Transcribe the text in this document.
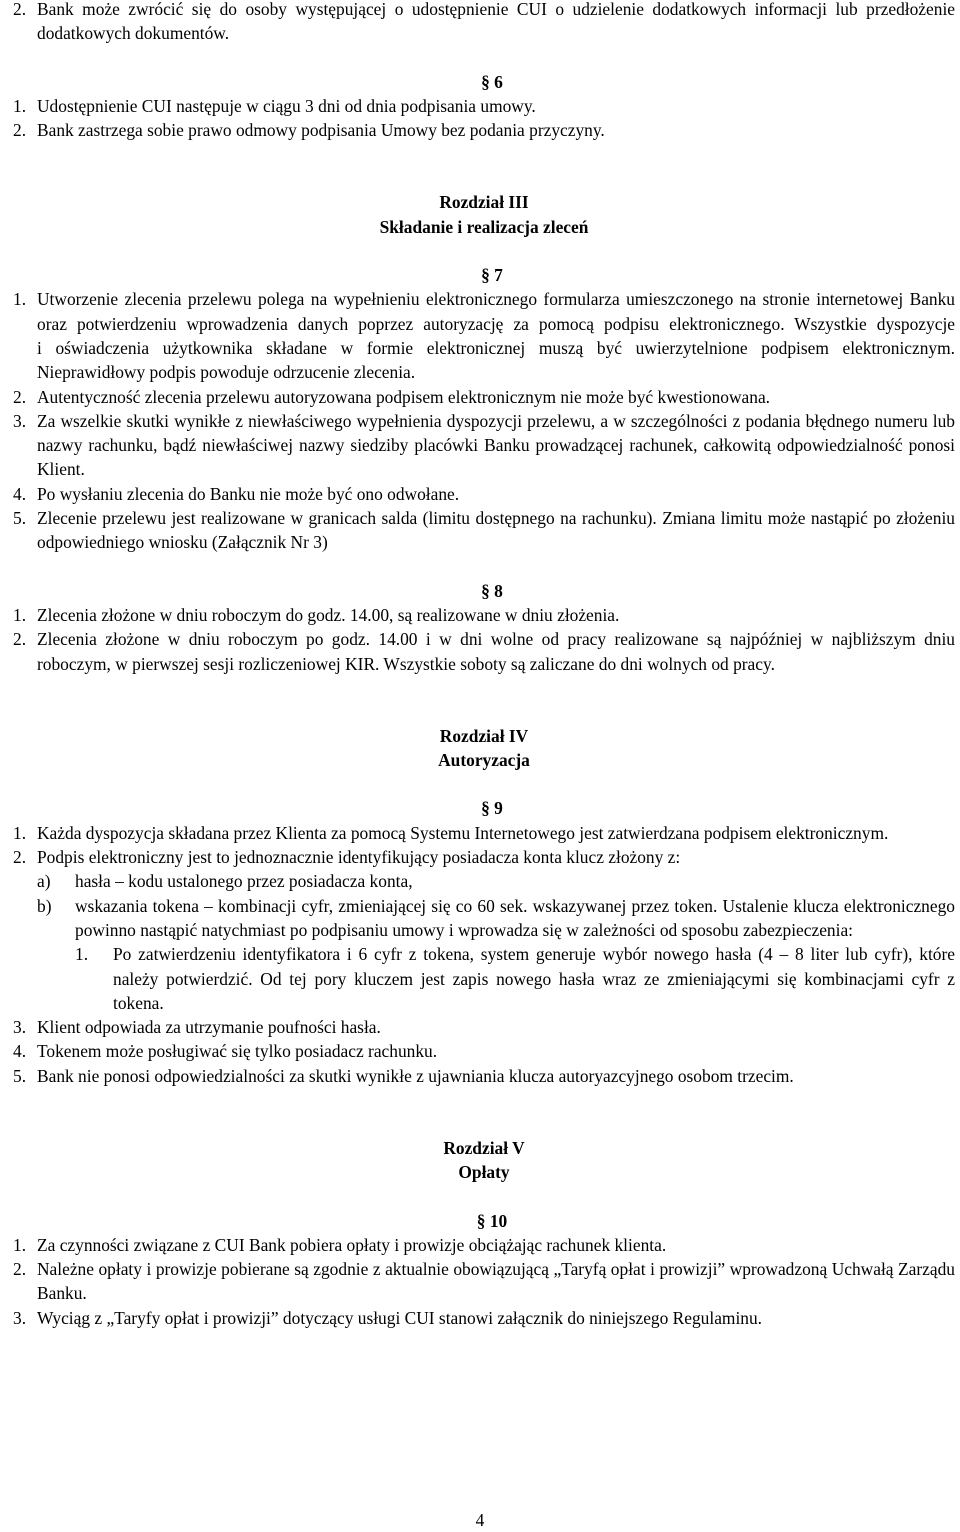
2. Bank może zwrócić się do osoby występującej o udostępnienie CUI o udzielenie dodatkowych informacji lub przedłożenie dodatkowych dokumentów.
§ 6
1. Udostępnienie CUI następuje w ciągu 3 dni od dnia podpisania umowy.
2. Bank zastrzega sobie prawo odmowy podpisania Umowy bez podania przyczyny.
Rozdział III
Składanie i realizacja zleceń
§ 7
1. Utworzenie zlecenia przelewu polega na wypełnieniu elektronicznego formularza umieszczonego na stronie internetowej Banku oraz potwierdzeniu wprowadzenia danych poprzez autoryzację za pomocą podpisu elektronicznego. Wszystkie dyspozycje
i oświadczenia użytkownika składane w formie elektronicznej muszą być uwierzytelnione podpisem elektronicznym. Nieprawidłowy podpis powoduje odrzucenie zlecenia.
2. Autentyczność zlecenia przelewu autoryzowana podpisem elektronicznym nie może być kwestionowana.
3. Za wszelkie skutki wynikłe z niewłaściwego wypełnienia dyspozycji przelewu, a w szczególności z podania błędnego numeru lub nazwy rachunku, bądź niewłaściwej nazwy siedziby placówki Banku prowadzącej rachunek, całkowitą odpowiedzialność ponosi Klient.
4. Po wysłaniu zlecenia do Banku nie może być ono odwołane.
5. Zlecenie przelewu jest realizowane w granicach salda (limitu dostępnego na rachunku). Zmiana limitu może nastąpić po złożeniu odpowiedniego wniosku (Załącznik Nr 3)
§ 8
1. Zlecenia złożone w dniu roboczym do godz. 14.00, są realizowane w dniu złożenia.
2. Zlecenia złożone w dniu roboczym po godz. 14.00 i w dni wolne od pracy realizowane są najpóźniej w najbliższym dniu roboczym, w pierwszej sesji rozliczeniowej KIR. Wszystkie soboty są zaliczane do dni wolnych od pracy.
Rozdział IV
Autoryzacja
§ 9
1. Każda dyspozycja składana przez Klienta za pomocą Systemu Internetowego jest zatwierdzana podpisem elektronicznym.
2. Podpis elektroniczny jest to jednoznacznie identyfikujący posiadacza konta klucz złożony z:
a) hasła – kodu ustalonego przez posiadacza konta,
b) wskazania tokena – kombinacji cyfr, zmieniającej się co 60 sek. wskazywanej przez token. Ustalenie klucza elektronicznego powinno nastąpić natychmiast po podpisaniu umowy i wprowadza się w zależności od sposobu zabezpieczenia:
1. Po zatwierdzeniu identyfikatora i 6 cyfr z tokena, system generuje wybór nowego hasła (4 – 8 liter lub cyfr), które należy potwierdzić. Od tej pory kluczem jest zapis nowego hasła wraz ze zmieniającymi się kombinacjami cyfr z tokena.
3. Klient odpowiada za utrzymanie poufności hasła.
4. Tokenem może posługiwać się tylko posiadacz rachunku.
5. Bank nie ponosi odpowiedzialności za skutki wynikłe z ujawniania klucza autoryazcyjnego osobom trzecim.
Rozdział V
Opłaty
§ 10
1. Za czynności związane z CUI Bank pobiera opłaty i prowizje obciążając rachunek klienta.
2. Należne opłaty i prowizje pobierane są zgodnie z aktualnie obowiązującą „Taryfą opłat i prowizji” wprowadzoną Uchwałą Zarządu Banku.
3. Wyciąg z „Taryfy opłat i prowizji” dotyczący usługi CUI stanowi załącznik do niniejszego Regulaminu.
4
